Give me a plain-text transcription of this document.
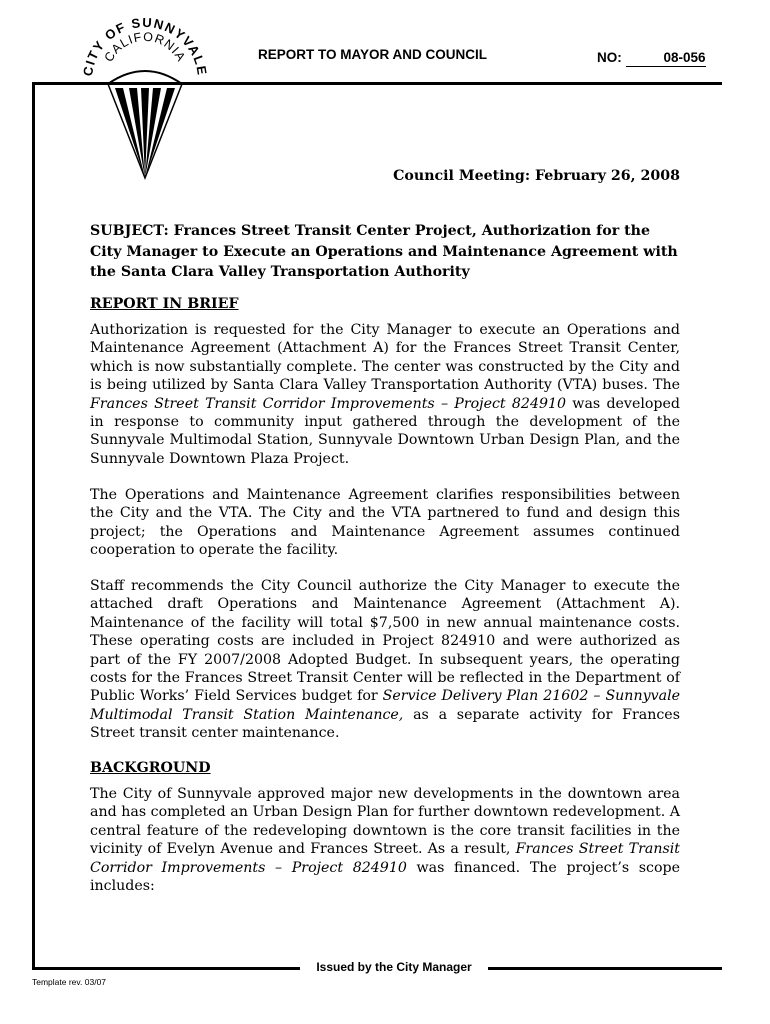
ITY OF SUNNYVAL
CALIFORNIA	REPORT TO MAYOR AND COUNCIL	NO:	08-056
Council Meeting: February 26, 2008
SUBJECT: Frances Street Transit Center Project, Authorization for the City Manager to Execute an Operations and Maintenance Agreement with the Santa Clara Valley Transportation Authority
REPORT IN BRIEF
Authorization is requested for the City Manager to execute an Operations and Maintenance Agreement (Attachment A) for the Frances Street Transit Center, which is now substantially complete. The center was constructed by the City and is being utilized by Santa Clara Valley Transportation Authority (VTA) buses. The Frances Street Transit Corridor Improvements – Project 824910 was developed in response to community input gathered through the development of the Sunnyvale Multimodal Station, Sunnyvale Downtown Urban Design Plan, and the Sunnyvale Downtown Plaza Project.
The Operations and Maintenance Agreement clarifies responsibilities between the City and the VTA. The City and the VTA partnered to fund and design this project; the Operations and Maintenance Agreement assumes continued cooperation to operate the facility.
Staff recommends the City Council authorize the City Manager to execute the attached draft Operations and Maintenance Agreement (Attachment A). Maintenance of the facility will total $7,500 in new annual maintenance costs. These operating costs are included in Project 824910 and were authorized as part of the FY 2007/2008 Adopted Budget. In subsequent years, the operating costs for the Frances Street Transit Center will be reflected in the Department of Public Works’ Field Services budget for Service Delivery Plan 21602 – Sunnyvale Multimodal Transit Station Maintenance, as a separate activity for Frances Street transit center maintenance.
BACKGROUND
The City of Sunnyvale approved major new developments in the downtown area and has completed an Urban Design Plan for further downtown redevelopment. A central feature of the redeveloping downtown is the core transit facilities in the vicinity of Evelyn Avenue and Frances Street. As a result, Frances Street Transit Corridor Improvements – Project 824910 was financed. The project’s scope includes:
Issued by the City Manager
Template rev. 03/07
